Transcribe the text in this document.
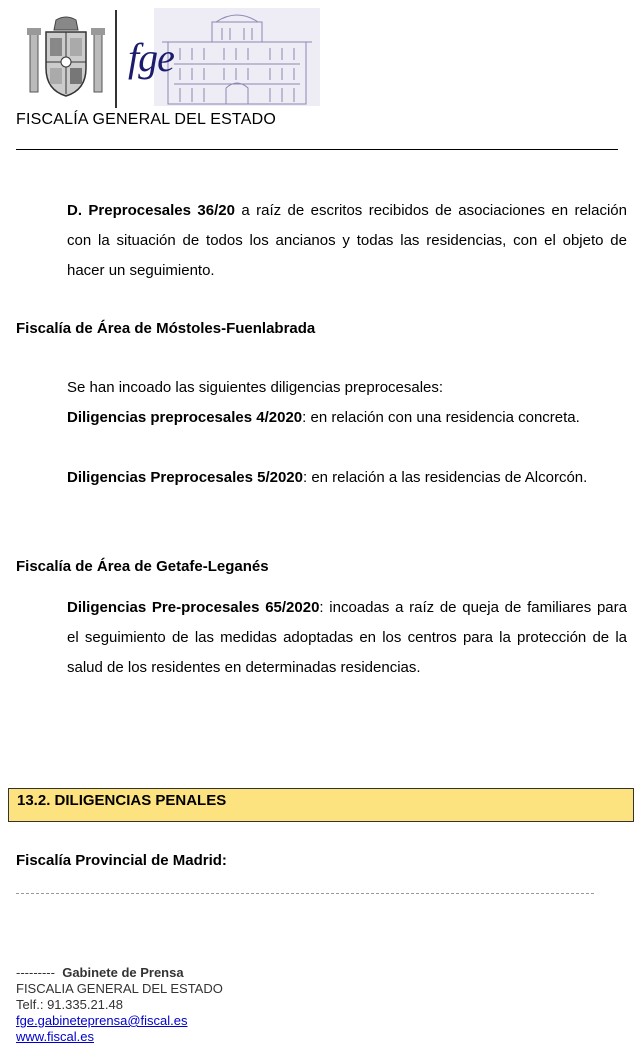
fge
FISCALÍA GENERAL DEL ESTADO
D. Preprocesales 36/20 a raíz de escritos recibidos de asociaciones en relación con la situación de todos los ancianos y todas las residencias, con el objeto de hacer un seguimiento.
Fiscalía de Área de Móstoles-Fuenlabrada
Se han incoado las siguientes diligencias preprocesales:
Diligencias preprocesales 4/2020: en relación con una residencia concreta.
Diligencias Preprocesales 5/2020: en relación a las residencias de Alcorcón.
Fiscalía de Área de Getafe-Leganés
Diligencias Pre-procesales 65/2020: incoadas a raíz de queja de familiares para el seguimiento de las medidas adoptadas en los centros para la protección de la salud de los residentes en determinadas residencias.
13.2. DILIGENCIAS PENALES
Fiscalía Provincial de Madrid:
--------- Gabinete de Prensa
FISCALIA GENERAL DEL ESTADO
Telf.: 91.335.21.48
fge.gabineteprensa@fiscal.es
www.fiscal.es
